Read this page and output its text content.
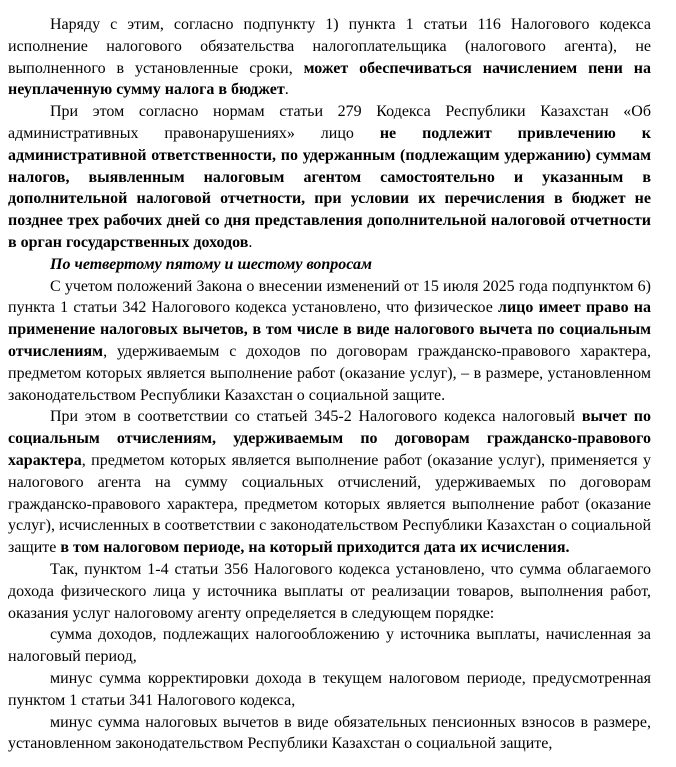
Наряду с этим, согласно подпункту 1) пункта 1 статьи 116 Налогового кодекса исполнение налогового обязательства налогоплательщика (налогового агента), не выполненного в установленные сроки, может обеспечиваться начислением пени на неуплаченную сумму налога в бюджет.

При этом согласно нормам статьи 279 Кодекса Республики Казахстан «Об административных правонарушениях» лицо не подлежит привлечению к административной ответственности, по удержанным (подлежащим удержанию) суммам налогов, выявленным налоговым агентом самостоятельно и указанным в дополнительной налоговой отчетности, при условии их перечисления в бюджет не позднее трех рабочих дней со дня представления дополнительной налоговой отчетности в орган государственных доходов.

По четвертому пятому и шестому вопросам

С учетом положений Закона о внесении изменений от 15 июля 2025 года подпунктом 6) пункта 1 статьи 342 Налогового кодекса установлено, что физическое лицо имеет право на применение налоговых вычетов, в том числе в виде налогового вычета по социальным отчислениям, удерживаемым с доходов по договорам гражданско-правового характера, предметом которых является выполнение работ (оказание услуг), – в размере, установленном законодательством Республики Казахстан о социальной защите.

При этом в соответствии со статьей 345-2 Налогового кодекса налоговый вычет по социальным отчислениям, удерживаемым по договорам гражданско-правового характера, предметом которых является выполнение работ (оказание услуг), применяется у налогового агента на сумму социальных отчислений, удерживаемых по договорам гражданско-правового характера, предметом которых является выполнение работ (оказание услуг), исчисленных в соответствии с законодательством Республики Казахстан о социальной защите в том налоговом периоде, на который приходится дата их исчисления.

Так, пунктом 1-4 статьи 356 Налогового кодекса установлено, что сумма облагаемого дохода физического лица у источника выплаты от реализации товаров, выполнения работ, оказания услуг налоговому агенту определяется в следующем порядке:

сумма доходов, подлежащих налогообложению у источника выплаты, начисленная за налоговый период,

минус сумма корректировки дохода в текущем налоговом периоде, предусмотренная пунктом 1 статьи 341 Налогового кодекса,

минус сумма налоговых вычетов в виде обязательных пенсионных взносов в размере, установленном законодательством Республики Казахстан о социальной защите,
